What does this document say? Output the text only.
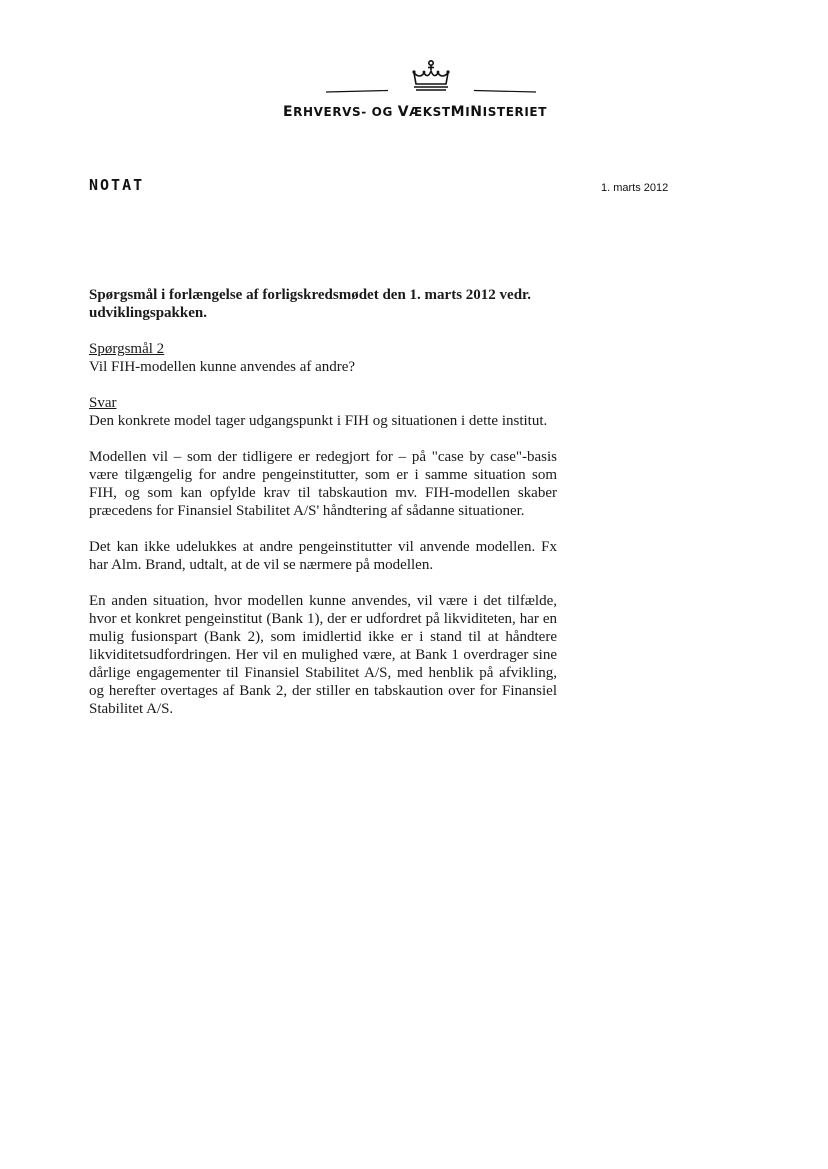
ERHVERVS- OG VÆKSTMINISTERIET
NOTAT	1. marts 2012

Spørgsmål i forlængelse af forligskredsmødet den 1. marts 2012 vedr. udviklingspakken.

Spørgsmål 2

Vil FIH-modellen kunne anvendes af andre?

Svar

Den konkrete model tager udgangspunkt i FIH og situationen i dette institut.

Modellen vil – som der tidligere er redegjort for – på "case by case"-basis være tilgængelig for andre pengeinstitutter, som er i samme situation som FIH, og som kan opfylde krav til tabskaution mv. FIH-modellen skaber præcedens for Finansiel Stabilitet A/S' håndtering af sådanne situationer.

Det kan ikke udelukkes at andre pengeinstitutter vil anvende modellen. Fx har Alm. Brand, udtalt, at de vil se nærmere på modellen.

En anden situation, hvor modellen kunne anvendes, vil være i det tilfælde, hvor et konkret pengeinstitut (Bank 1), der er udfordret på likviditeten, har en mulig fusionspart (Bank 2), som imidlertid ikke er i stand til at håndtere likviditetsudfordringen. Her vil en mulighed være, at Bank 1 overdrager sine dårlige engagementer til Finansiel Stabilitet A/S, med henblik på afvikling, og herefter overtages af Bank 2, der stiller en tabskaution over for Finansiel Stabilitet A/S.
